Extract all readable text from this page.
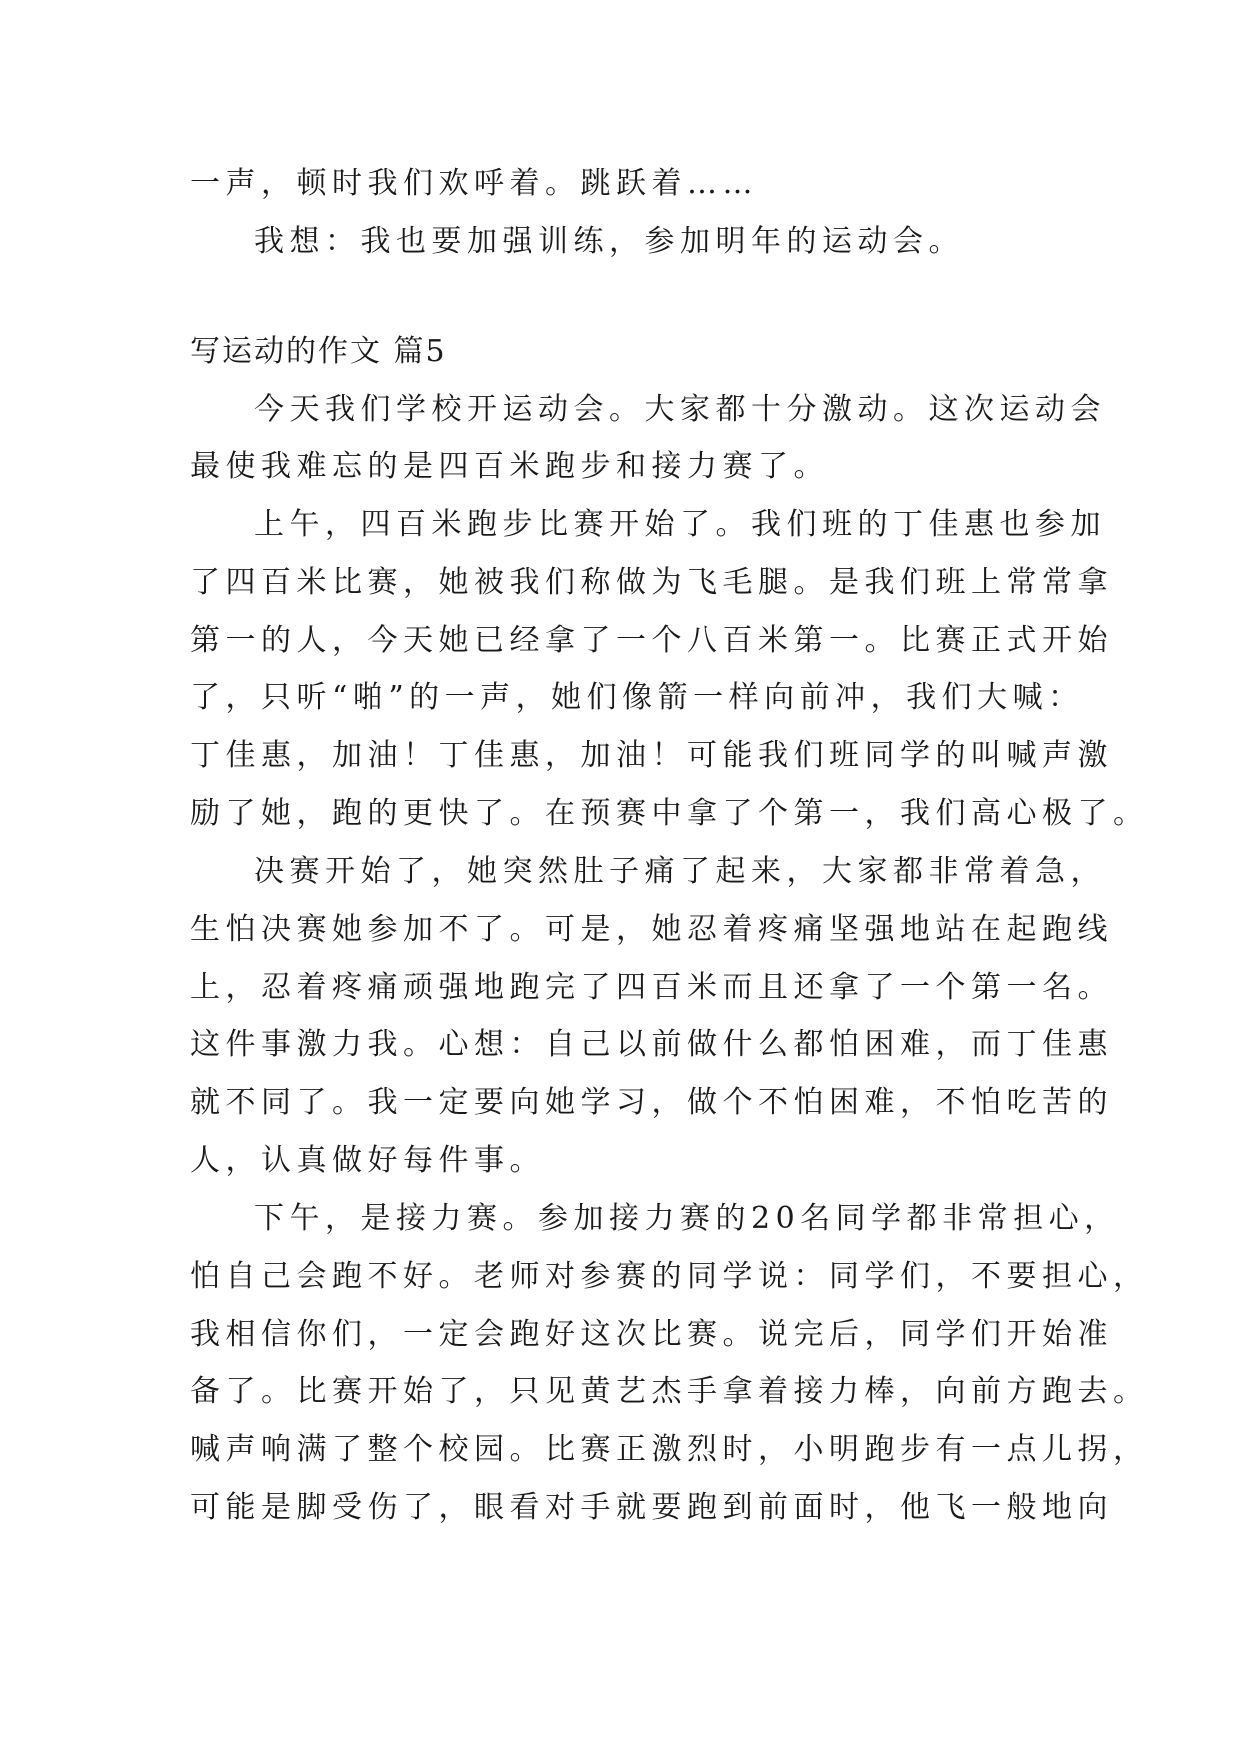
一声，顿时我们欢呼着。跳跃着……
我想：我也要加强训练，参加明年的运动会。
写运动的作文 篇5
今天我们学校开运动会。大家都十分激动。这次运动会
最使我难忘的是四百米跑步和接力赛了。
上午，四百米跑步比赛开始了。我们班的丁佳惠也参加
了四百米比赛，她被我们称做为飞毛腿。是我们班上常常拿
第一的人，今天她已经拿了一个八百米第一。比赛正式开始
了，只听“啪”的一声，她们像箭一样向前冲，我们大喊：
丁佳惠，加油！丁佳惠，加油！可能我们班同学的叫喊声激
励了她，跑的更快了。在预赛中拿了个第一，我们高心极了。
决赛开始了，她突然肚子痛了起来，大家都非常着急，
生怕决赛她参加不了。可是，她忍着疼痛坚强地站在起跑线
上，忍着疼痛顽强地跑完了四百米而且还拿了一个第一名。
这件事激力我。心想：自己以前做什么都怕困难，而丁佳惠
就不同了。我一定要向她学习，做个不怕困难，不怕吃苦的
人，认真做好每件事。
下午，是接力赛。参加接力赛的20名同学都非常担心，
怕自己会跑不好。老师对参赛的同学说：同学们，不要担心，
我相信你们，一定会跑好这次比赛。说完后，同学们开始准
备了。比赛开始了，只见黄艺杰手拿着接力棒，向前方跑去。
喊声响满了整个校园。比赛正激烈时，小明跑步有一点儿拐，
可能是脚受伤了，眼看对手就要跑到前面时，他飞一般地向
